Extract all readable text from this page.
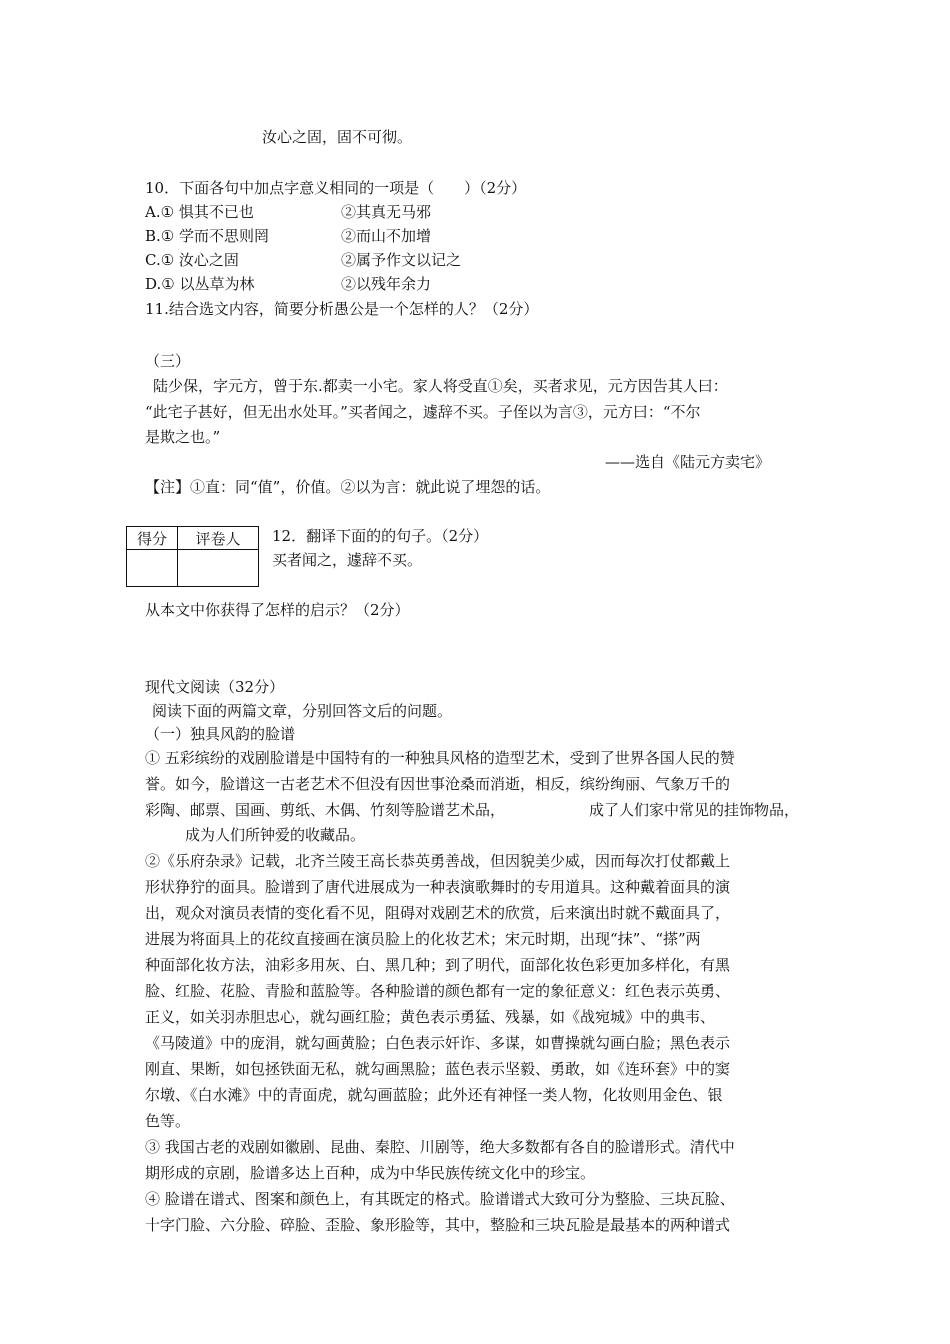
汝心之固，固不可彻。
10．下面各句中加点字意义相同的一项是（　　）（2分）
A.① 惧其不已也	②其真无马邪
B.① 学而不思则罔	②而山不加增
C.① 汝心之固	②属予作文以记之
D.① 以丛草为林	②以残年余力
11.结合选文内容，简要分析愚公是一个怎样的人？（2分）
（三）
陆少保，字元方，曾于东.都卖一小宅。家人将受直①矣，买者求见，元方因告其人曰：
“此宅子甚好，但无出水处耳。”买者闻之，遽辞不买。子侄以为言③，元方曰：“不尔
是欺之也。”
——选自《陆元方卖宅》
【注】①直：同“值”，价值。②以为言：就此说了埋怨的话。
得分	评卷人
	12．翻译下面的的句子。（2分）
买者闻之，遽辞不买。
从本文中你获得了怎样的启示？（2分）
现代文阅读（32分）
阅读下面的两篇文章，分别回答文后的问题。
（一）独具风韵的脸谱
① 五彩缤纷的戏剧脸谱是中国特有的一种独具风格的造型艺术，受到了世界各国人民的赞
誉。如今，脸谱这一古老艺术不但没有因世事沧桑而消逝，相反，缤纷绚丽、气象万千的
彩陶、邮票、国画、剪纸、木偶、竹刻等脸谱艺术品，	成了人们家中常见的挂饰物品，
成为人们所钟爱的收藏品。
②《乐府杂录》记载，北齐兰陵王高长恭英勇善战，但因貌美少威，因而每次打仗都戴上
形状狰狞的面具。脸谱到了唐代进展成为一种表演歌舞时的专用道具。这种戴着面具的演
出，观众对演员表情的变化看不见，阻碍对戏剧艺术的欣赏，后来演出时就不戴面具了，
进展为将面具上的花纹直接画在演员脸上的化妆艺术；宋元时期，出现“抹”、“搽”两
种面部化妆方法，油彩多用灰、白、黑几种；到了明代，面部化妆色彩更加多样化，有黑
脸、红脸、花脸、青脸和蓝脸等。各种脸谱的颜色都有一定的象征意义：红色表示英勇、
正义，如关羽赤胆忠心，就勾画红脸；黄色表示勇猛、残暴，如《战宛城》中的典韦、
《马陵道》中的庞涓，就勾画黄脸；白色表示奸诈、多谋，如曹操就勾画白脸；黑色表示
刚直、果断，如包拯铁面无私，就勾画黑脸；蓝色表示坚毅、勇敢，如《连环套》中的窦
尔墩、《白水滩》中的青面虎，就勾画蓝脸；此外还有神怪一类人物，化妆则用金色、银
色等。
③ 我国古老的戏剧如徽剧、昆曲、秦腔、川剧等，绝大多数都有各自的脸谱形式。清代中
期形成的京剧，脸谱多达上百种，成为中华民族传统文化中的珍宝。
④ 脸谱在谱式、图案和颜色上，有其既定的格式。脸谱谱式大致可分为整脸、三块瓦脸、
十字门脸、六分脸、碎脸、歪脸、象形脸等，其中，整脸和三块瓦脸是最基本的两种谱式
